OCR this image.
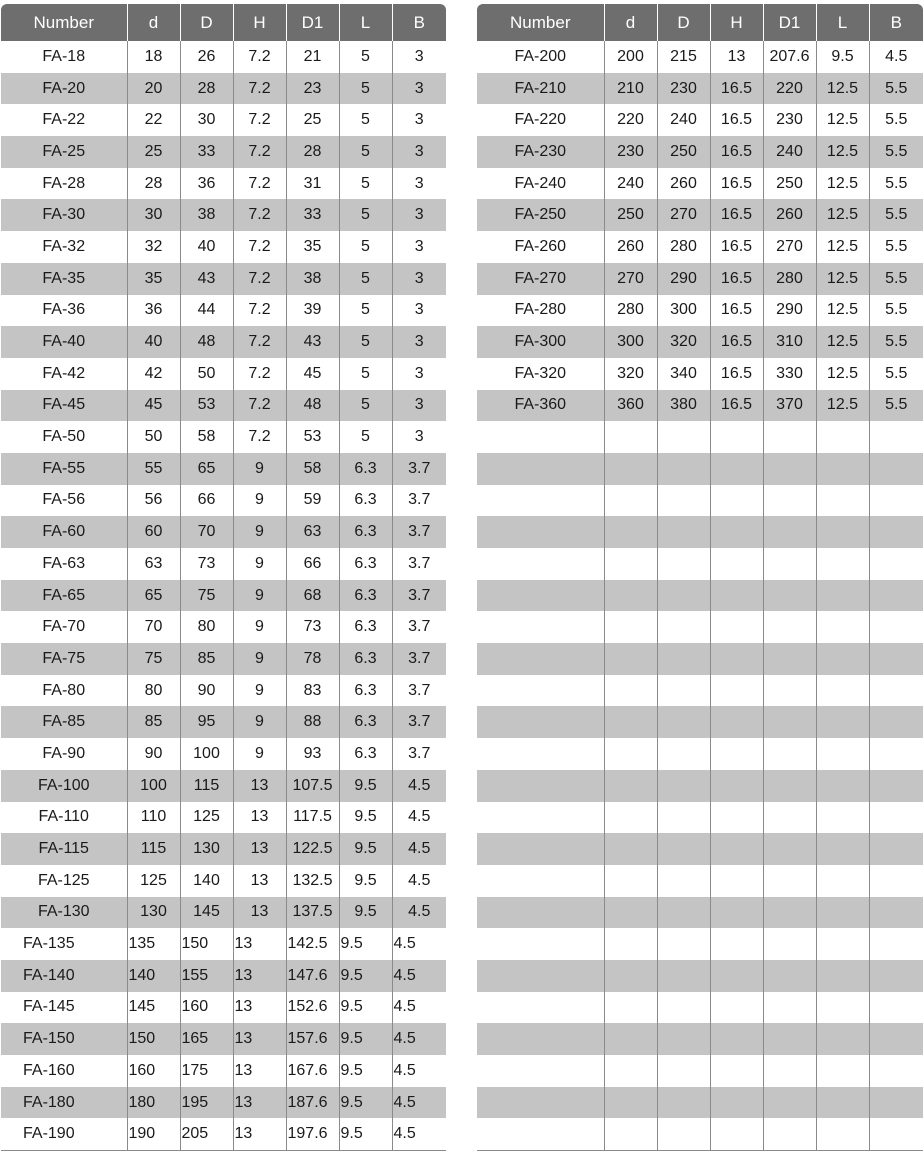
Number	d	D	H	D1	L	B
FA-18	18	26	7.2	21	5	3
FA-20	20	28	7.2	23	5	3
FA-22	22	30	7.2	25	5	3
FA-25	25	33	7.2	28	5	3
FA-28	28	36	7.2	31	5	3
FA-30	30	38	7.2	33	5	3
FA-32	32	40	7.2	35	5	3
FA-35	35	43	7.2	38	5	3
FA-36	36	44	7.2	39	5	3
FA-40	40	48	7.2	43	5	3
FA-42	42	50	7.2	45	5	3
FA-45	45	53	7.2	48	5	3
FA-50	50	58	7.2	53	5	3
FA-55	55	65	9	58	6.3	3.7
FA-56	56	66	9	59	6.3	3.7
FA-60	60	70	9	63	6.3	3.7
FA-63	63	73	9	66	6.3	3.7
FA-65	65	75	9	68	6.3	3.7
FA-70	70	80	9	73	6.3	3.7
FA-75	75	85	9	78	6.3	3.7
FA-80	80	90	9	83	6.3	3.7
FA-85	85	95	9	88	6.3	3.7
FA-90	90	100	9	93	6.3	3.7
FA-100	100	115	13	107.5	9.5	4.5
FA-110	110	125	13	117.5	9.5	4.5
FA-115	115	130	13	122.5	9.5	4.5
FA-125	125	140	13	132.5	9.5	4.5
FA-130	130	145	13	137.5	9.5	4.5
FA-135	135	150	13	142.5	9.5	4.5
FA-140	140	155	13	147.6	9.5	4.5
FA-145	145	160	13	152.6	9.5	4.5
FA-150	150	165	13	157.6	9.5	4.5
FA-160	160	175	13	167.6	9.5	4.5
FA-180	180	195	13	187.6	9.5	4.5
FA-190	190	205	13	197.6	9.5	4.5
Number	d	D	H	D1	L	B
FA-200	200	215	13	207.6	9.5	4.5
FA-210	210	230	16.5	220	12.5	5.5
FA-220	220	240	16.5	230	12.5	5.5
FA-230	230	250	16.5	240	12.5	5.5
FA-240	240	260	16.5	250	12.5	5.5
FA-250	250	270	16.5	260	12.5	5.5
FA-260	260	280	16.5	270	12.5	5.5
FA-270	270	290	16.5	280	12.5	5.5
FA-280	280	300	16.5	290	12.5	5.5
FA-300	300	320	16.5	310	12.5	5.5
FA-320	320	340	16.5	330	12.5	5.5
FA-360	360	380	16.5	370	12.5	5.5
